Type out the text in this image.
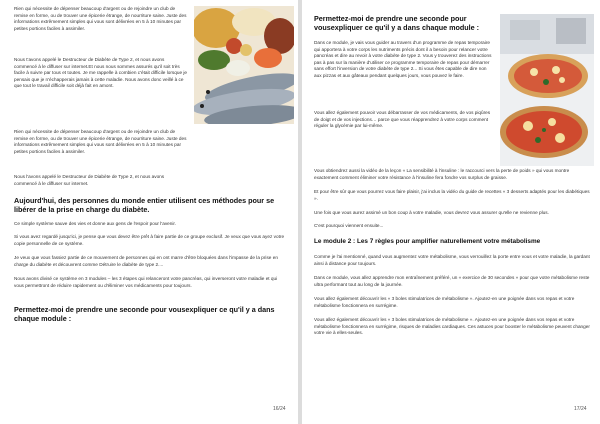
Rien qui nécessite de dépenser beaucoup d'argent ou de rejoindre un club de remise en forme, ou de trouver une épicerie étrange, de nourriture saine. Juste des informations extrêmement simples qui vous sont délivrées en 5 à 10 minutes par petites portions faciles à assimiler.

Nous t'avons appelé le Destructeur de Diabète de Type 2, et nous avons commencé à le diffuser sur internet.Et nous nous sommes assurés qu'il soit très facile à suivre par tous et toutes. Je me rappelle à combien c'était difficile lorsque je pensais que je n'échapperais jamais à cette maladie. Nous avons donc veillé à ce que tout le travail difficile soit déjà fait en amont.

Rien qui nécessite de dépenser beaucoup d'argent ou de rejoindre un club de remise en forme, ou de trouver une épicerie étrange, de nourriture saine. Juste des informations extrêmement simples qui vous sont délivrées en 5 à 10 minutes par petites portions faciles à assimiler.

Nous l'avons appelé le Destructeur de Diabète de Type 2, et nous avons commencé à le diffuser sur internet.

Aujourd'hui, des personnes du monde entier utilisent ces méthodes pour se libérer de la prise en charge du diabète.

Ce simple système sauve des vies et donne aux gens de l'espoir pour l'avenir.

Si vous avez regardé jusqu'ici, je pense que vous devez être prêt à faire partie de ce groupe exclusif. Je veux que vous ayez votre copie personnelle de ce système.

Je veux que vous fassiez partie de ce mouvement de personnes qui en ont marre d'être bloquées dans l'impasse de la prise en charge du diabète et découvrent comme Détruire le diabète de type 2....

Nous avons divisé ce système en 3 modules – les 3 étapes qui relanceront votre pancréas, qui inverseront votre maladie et qui vous permettront de réduire rapidement ou d'éliminer vos médicaments pour toujours.

Permettez-moi de prendre une seconde pour vousexpliquer ce qu'il y a dans chaque module :
16/24
Permettez-moi de prendre une seconde pour vousexpliquer ce qu'il y a dans chaque module :

Dans ce module, je vais vous guider au travers d'un programme de repas temporaire qui apportera à votre corps les nutriments précis dont il a besoin pour relancer votre pancréas et dire au revoir à votre diabète de type 2. Vous y trouverez des instructions pas à pas sur la manière d'utiliser ce programme temporaire de repas pour démarrer sans effort l'inversion de votre diabète de type 2... Si vous êtes capable de dire non aux pizzas et aux gâteaux pendant quelques jours, vous pouvez le faire.

Vous allez également pouvoir vous débarrasser de vos médicaments, de vos piqûres de doigt et de vos injections… parce que vous réapprendrez à votre corps comment réguler la glycémie par lui-même.

Vous obtiendrez aussi la vidéo de la leçon « La sensibilité à l'insuline : le raccourci vers la perte de poids » qui vous montre exactement comment éliminer votre résistance à l'insuline fera fondre vos surplus de graisse.

Et pour être sûr que vous pourrez vous faire plaisir, j'ai inclus la vidéo du guide de recettes « 3 desserts adaptés pour les diabétiques ».

Une fois que vous aurez assimé un bon coup à votre maladie, vous devrez vous assurer qu'elle ne revienne plus.

C'est pourquoi viennent ensuite...

Le module 2 : Les 7 règles pour amplifier naturellement votre métabolisme

Comme je l'ai mentionné, quand vous augmentez votre métabolisme, vous verrouillez la porte entre vous et votre maladie, la gardant ainsi à distance pour toujours.

Dans ce module, vous allez apprendre mon entraînement préféré, un « exercice de 30 secondes » pour que votre métabolisme reste ultra performant tout au long de la journée.

Vous allez également découvrir les « 3 boles stimulatrices de métabolisme ». Ajoutez-en une poignée dans vos repas et votre métabolisme fonctionnera en surrégime.

Vous allez également découvrir les « 3 boles stimulatrices de métabolisme ». Ajoutez-en une poignée dans vos repas et votre métabolisme fonctionnera en surrégime, risques de maladies cardiaques. Ces astuces pour booster le métabolisme peuvent changer votre vie à elles-seules.

17/24
